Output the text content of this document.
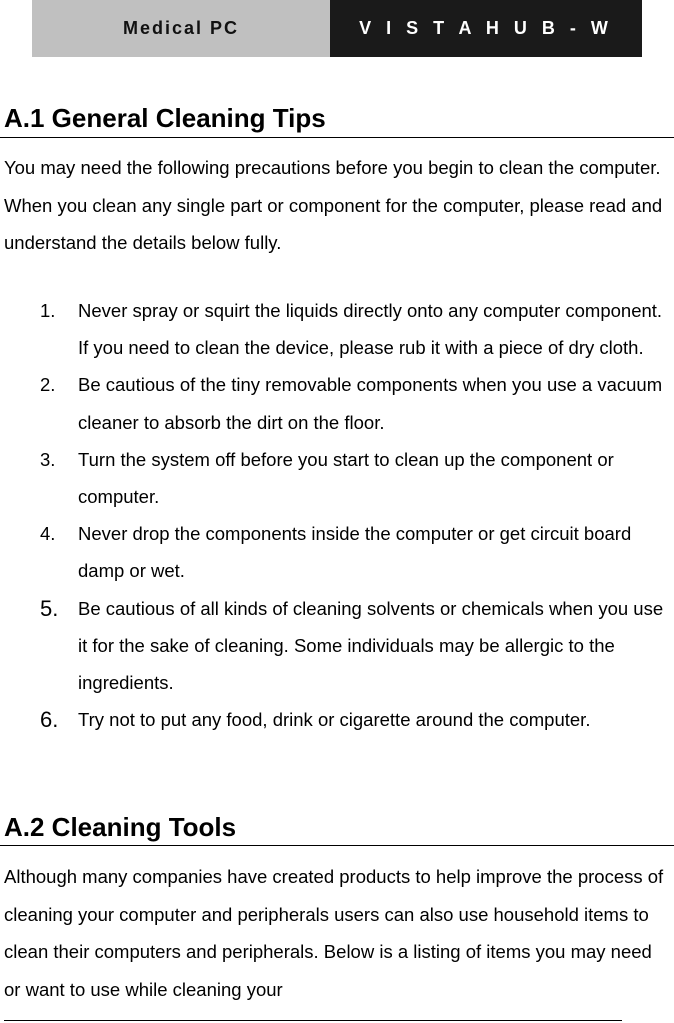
Medical PC	V I S T A H U B - W
A.1 General Cleaning Tips

You may need the following precautions before you begin to clean the computer. When you clean any single part or component for the computer, please read and understand the details below fully.

1. Never spray or squirt the liquids directly onto any computer component. If you need to clean the device, please rub it with a piece of dry cloth.
2. Be cautious of the tiny removable components when you use a vacuum cleaner to absorb the dirt on the floor.
3. Turn the system off before you start to clean up the component or computer.
4. Never drop the components inside the computer or get circuit board damp or wet.
5. Be cautious of all kinds of cleaning solvents or chemicals when you use it for the sake of cleaning. Some individuals may be allergic to the ingredients.
6. Try not to put any food, drink or cigarette around the computer.
A.2 Cleaning Tools

Although many companies have created products to help improve the process of cleaning your computer and peripherals users can also use household items to clean their computers and peripherals. Below is a listing of items you may need or want to use while cleaning your
